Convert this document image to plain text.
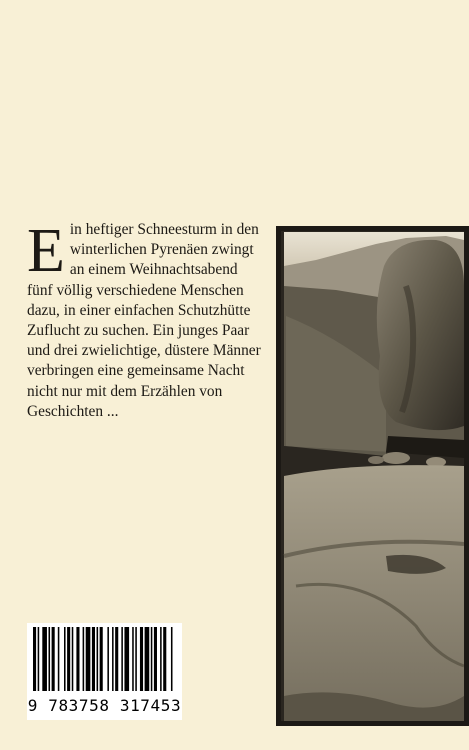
E in heftiger Schneesturm in den winterlichen Pyrenäen zwingt an einem Weihnachtsabend fünf völlig verschiedene Menschen dazu, in einer einfachen Schutzhütte Zuflucht zu suchen. Ein junges Paar und drei zwielichtige, düstere Männer verbringen eine gemeinsame Nacht nicht nur mit dem Erzählen von Geschichten ...
9 783758 317453
